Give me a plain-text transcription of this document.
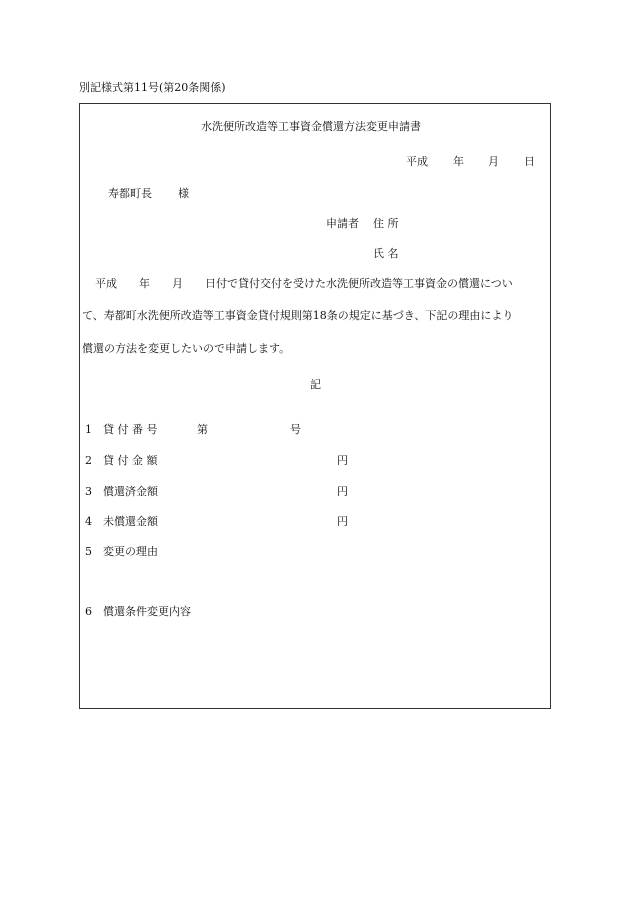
別記様式第11号(第20条関係)
水洗便所改造等工事資金償還方法変更申請書
平成 年 月 日
寿都町長 様
申請者 住 所
氏 名
平成　　年　　月　　日付で貸付交付を受けた水洗便所改造等工事資金の償還につい
て、寿都町水洗便所改造等工事資金貸付規則第18条の規定に基づき、下記の理由により
償還の方法を変更したいので申請します。
記
1 貸 付 番 号	第	号
2 貸 付 金 額	円
3 償還済金額	円
4 未償還金額	円
5 変更の理由
6 償還条件変更内容
